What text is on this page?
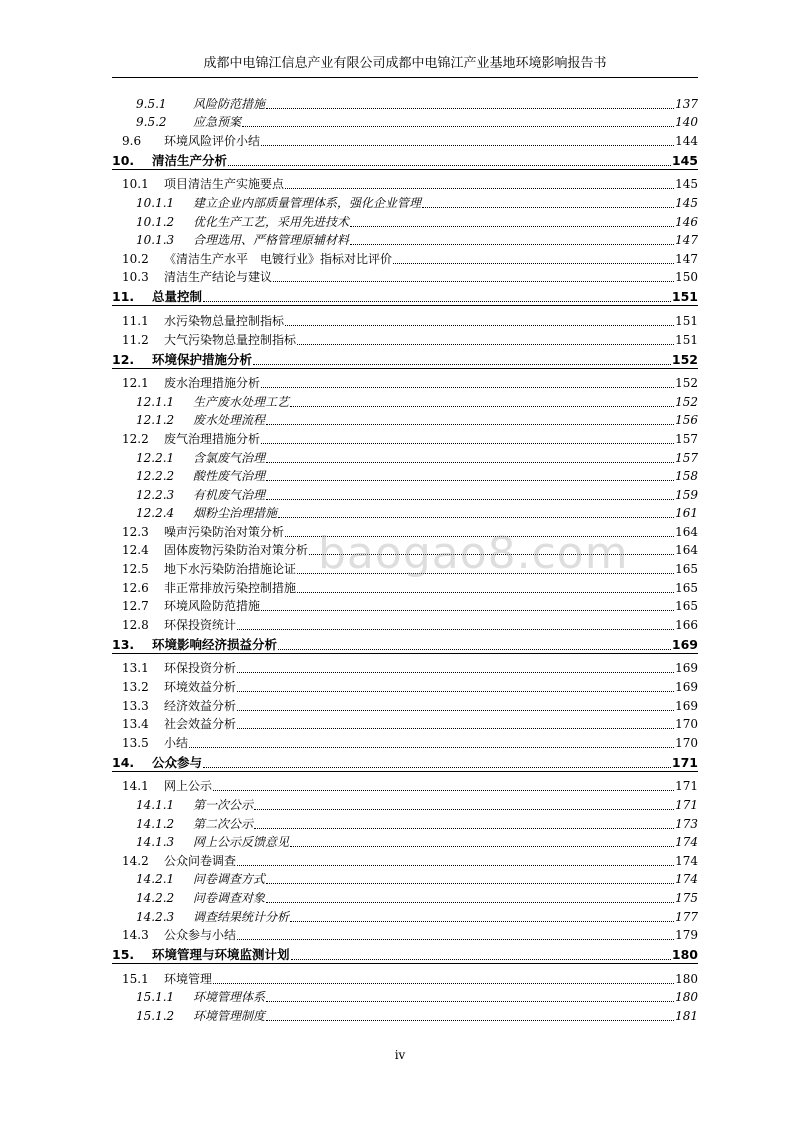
成都中电锦江信息产业有限公司成都中电锦江产业基地环境影响报告书
9.5.1	风险防范措施	137
9.5.2	应急预案	140
9.6	环境风险评价小结	144
10.	清洁生产分析	145
10.1	项目清洁生产实施要点	145
10.1.1	建立企业内部质量管理体系，强化企业管理	145
10.1.2	优化生产工艺，采用先进技术	146
10.1.3	合理选用、严格管理原辅材料	147
10.2	《清洁生产水平　电镀行业》指标对比评价	147
10.3	清洁生产结论与建议	150
11.	总量控制	151
11.1	水污染物总量控制指标	151
11.2	大气污染物总量控制指标	151
12.	环境保护措施分析	152
12.1	废水治理措施分析	152
12.1.1	生产废水处理工艺	152
12.1.2	废水处理流程	156
12.2	废气治理措施分析	157
12.2.1	含氯废气治理	157
12.2.2	酸性废气治理	158
12.2.3	有机废气治理	159
12.2.4	烟粉尘治理措施	161
12.3	噪声污染防治对策分析	164
12.4	固体废物污染防治对策分析	164
12.5	地下水污染防治措施论证	165
12.6	非正常排放污染控制措施	165
12.7	环境风险防范措施	165
12.8	环保投资统计	166
13.	环境影响经济损益分析	169
13.1	环保投资分析	169
13.2	环境效益分析	169
13.3	经济效益分析	169
13.4	社会效益分析	170
13.5	小结	170
14.	公众参与	171
14.1	网上公示	171
14.1.1	第一次公示	171
14.1.2	第二次公示	173
14.1.3	网上公示反馈意见	174
14.2	公众问卷调查	174
14.2.1	问卷调查方式	174
14.2.2	问卷调查对象	175
14.2.3	调查结果统计分析	177
14.3	公众参与小结	179
15.	环境管理与环境监测计划	180
15.1	环境管理	180
15.1.1	环境管理体系	180
15.1.2	环境管理制度	181
baogao8.com
iv
